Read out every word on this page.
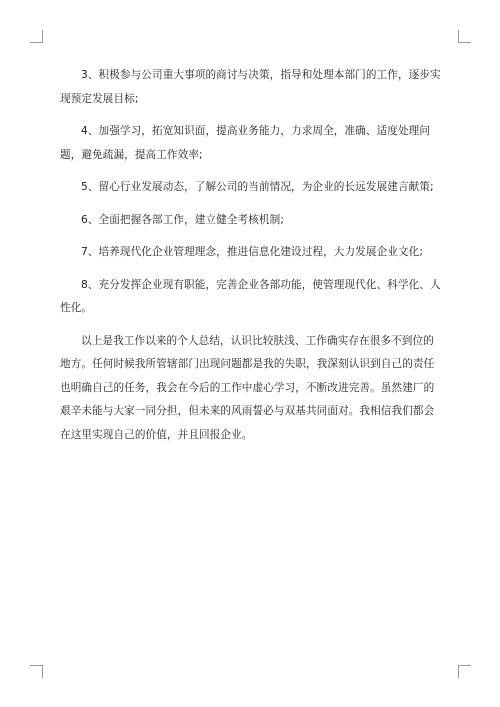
3、积极参与公司重大事项的商讨与决策，指导和处理本部门的工作，逐步实现预定发展目标;

4、加强学习，拓宽知识面，提高业务能力，力求周全，准确、适度处理问题，避免疏漏，提高工作效率;

5、留心行业发展动态，了解公司的当前情况，为企业的长远发展建言献策;

6、全面把握各部工作，建立健全考核机制;

7、培养现代化企业管理理念，推进信息化建设过程，大力发展企业文化;

8、充分发挥企业现有职能，完善企业各部功能，使管理现代化、科学化、人性化。

以上是我工作以来的个人总结，认识比较肤浅、工作确实存在很多不到位的地方。任何时候我所管辖部门出现问题都是我的失职，我深刻认识到自己的责任也明确自己的任务，我会在今后的工作中虚心学习，不断改进完善。虽然建厂的艰辛未能与大家一同分担，但未来的风雨誓必与双基共同面对。我相信我们都会在这里实现自己的价值，并且回报企业。
